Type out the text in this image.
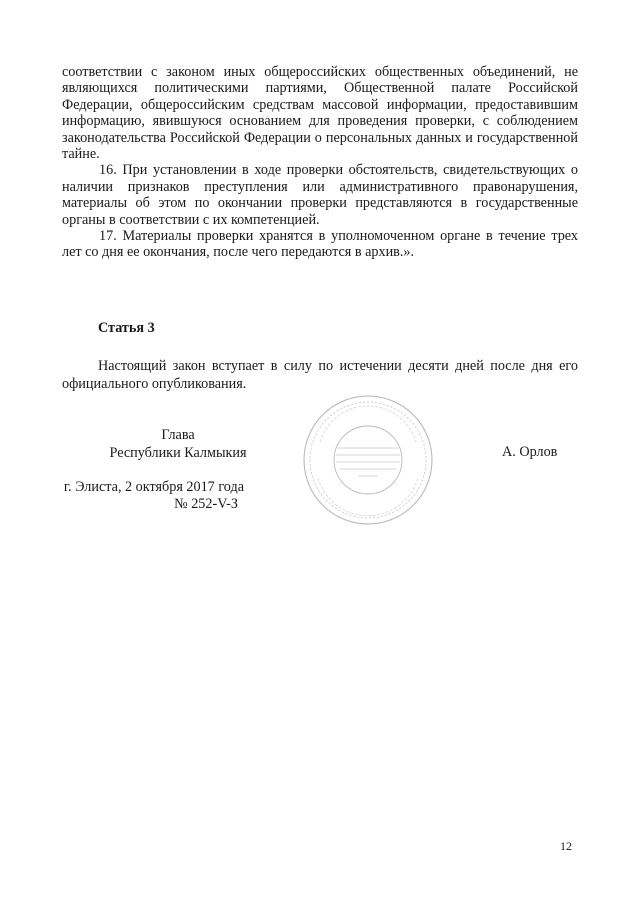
соответствии с законом иных общероссийских общественных объединений, не являющихся политическими партиями, Общественной палате Российской Федерации, общероссийским средствам массовой информации, предоставившим информацию, явившуюся основанием для проведения проверки, с соблюдением законодательства Российской Федерации о персональных данных и государственной тайне.

16. При установлении в ходе проверки обстоятельств, свидетельствующих о наличии признаков преступления или административного правонарушения, материалы об этом по окончании проверки представляются в государственные органы в соответствии с их компетенцией.

17. Материалы проверки хранятся в уполномоченном органе в течение трех лет со дня ее окончания, после чего передаются в архив.».

Статья 3

Настоящий закон вступает в силу по истечении десяти дней после дня его официального опубликования.

Глава
Республики Калмыкия	А. Орлов
г. Элиста, 2 октября 2017 года
№ 252-V-З
12
